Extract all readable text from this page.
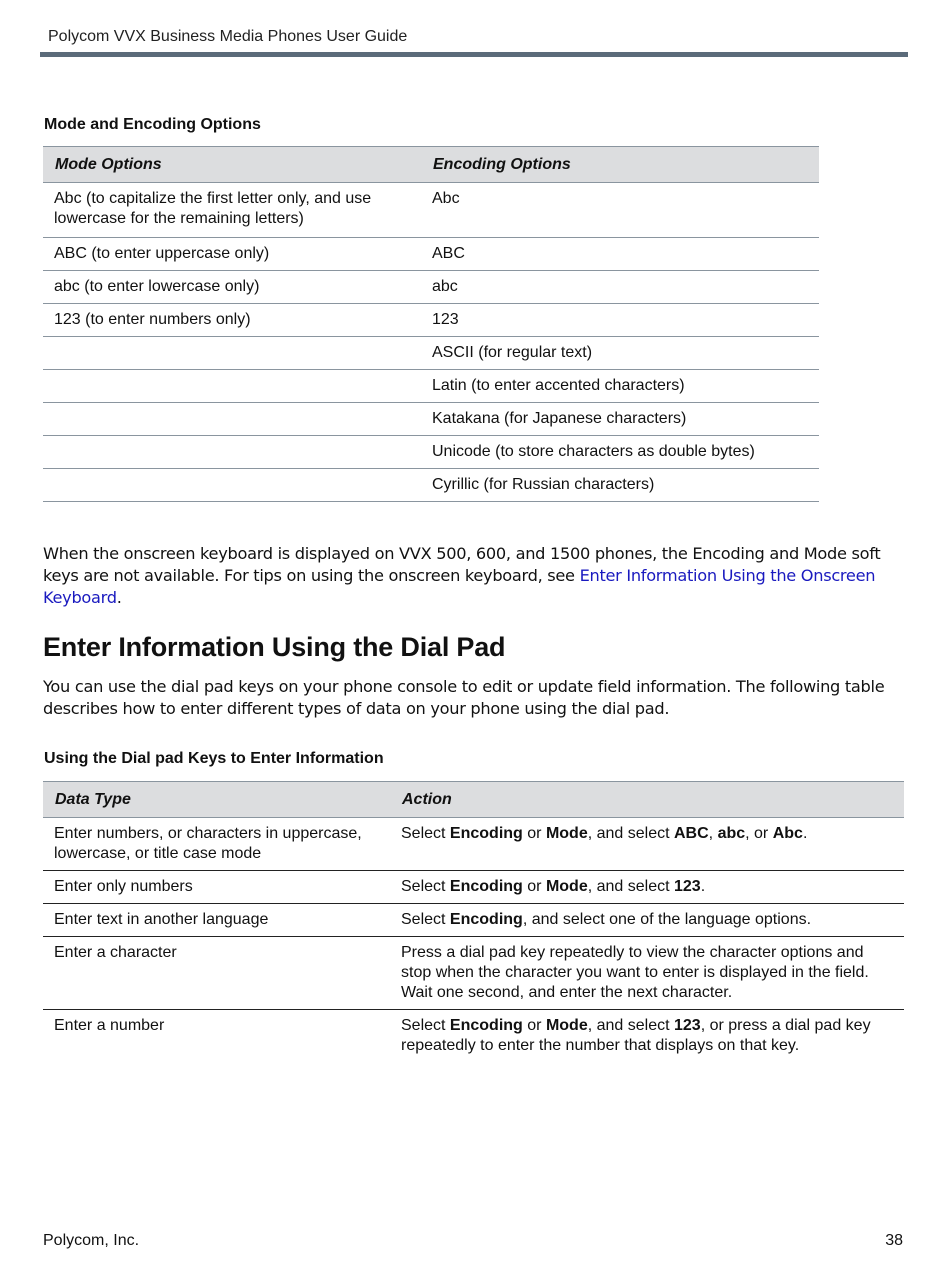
Polycom VVX Business Media Phones User Guide
Mode and Encoding Options
Mode Options	Encoding Options
Abc (to capitalize the first letter only, and use lowercase for the remaining letters)	Abc
ABC (to enter uppercase only)	ABC
abc (to enter lowercase only)	abc
123 (to enter numbers only)	123
	ASCII (for regular text)
	Latin (to enter accented characters)
	Katakana (for Japanese characters)
	Unicode (to store characters as double bytes)
	Cyrillic (for Russian characters)
When the onscreen keyboard is displayed on VVX 500, 600, and 1500 phones, the Encoding and Mode soft keys are not available. For tips on using the onscreen keyboard, see Enter Information Using the Onscreen Keyboard.
Enter Information Using the Dial Pad
You can use the dial pad keys on your phone console to edit or update field information. The following table describes how to enter different types of data on your phone using the dial pad.
Using the Dial pad Keys to Enter Information
Data Type	Action
Enter numbers, or characters in uppercase, lowercase, or title case mode	Select Encoding or Mode, and select ABC, abc, or Abc.
Enter only numbers	Select Encoding or Mode, and select 123.
Enter text in another language	Select Encoding, and select one of the language options.
Enter a character	Press a dial pad key repeatedly to view the character options and stop when the character you want to enter is displayed in the field. Wait one second, and enter the next character.
Enter a number	Select Encoding or Mode, and select 123, or press a dial pad key repeatedly to enter the number that displays on that key.
Polycom, Inc.	38
